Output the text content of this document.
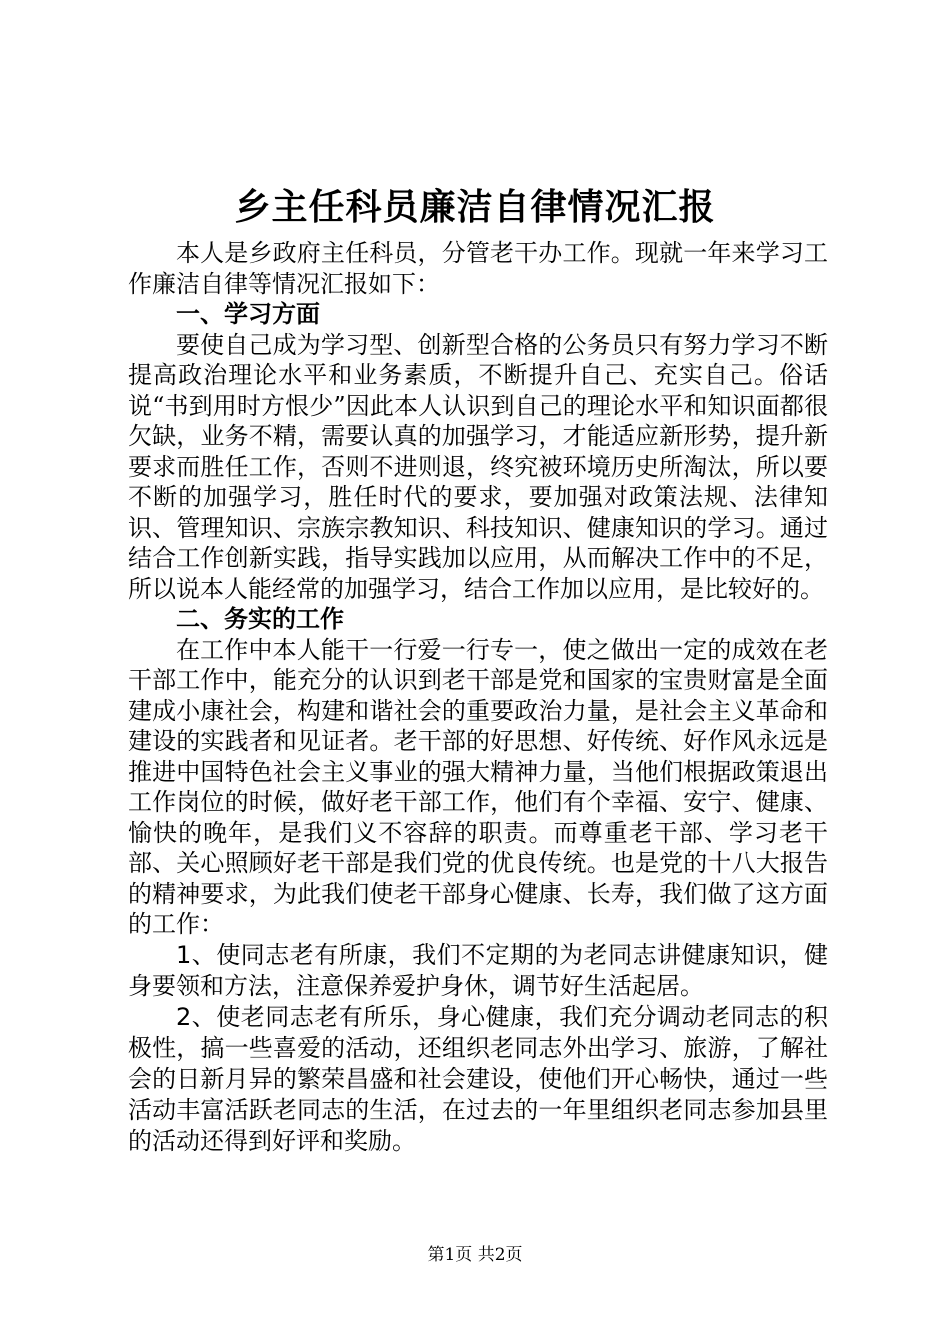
乡主任科员廉洁自律情况汇报

本人是乡政府主任科员，分管老干办工作。现就一年来学习工作廉洁自律等情况汇报如下：

一、学习方面

要使自己成为学习型、创新型合格的公务员只有努力学习不断提高政治理论水平和业务素质，不断提升自己、充实自己。俗话说“书到用时方恨少”因此本人认识到自己的理论水平和知识面都很欠缺，业务不精，需要认真的加强学习，才能适应新形势，提升新要求而胜任工作，否则不进则退，终究被环境历史所淘汰，所以要不断的加强学习，胜任时代的要求，要加强对政策法规、法律知识、管理知识、宗族宗教知识、科技知识、健康知识的学习。通过结合工作创新实践，指导实践加以应用，从而解决工作中的不足，所以说本人能经常的加强学习，结合工作加以应用，是比较好的。

二、务实的工作

在工作中本人能干一行爱一行专一，使之做出一定的成效在老干部工作中，能充分的认识到老干部是党和国家的宝贵财富是全面建成小康社会，构建和谐社会的重要政治力量，是社会主义革命和建设的实践者和见证者。老干部的好思想、好传统、好作风永远是推进中国特色社会主义事业的强大精神力量，当他们根据政策退出工作岗位的时候，做好老干部工作，他们有个幸福、安宁、健康、愉快的晚年，是我们义不容辞的职责。而尊重老干部、学习老干部、关心照顾好老干部是我们党的优良传统。也是党的十八大报告的精神要求，为此我们使老干部身心健康、长寿，我们做了这方面的工作：

1、使同志老有所康，我们不定期的为老同志讲健康知识，健身要领和方法，注意保养爱护身休，调节好生活起居。

2、使老同志老有所乐，身心健康，我们充分调动老同志的积极性，搞一些喜爱的活动，还组织老同志外出学习、旅游，了解社会的日新月异的繁荣昌盛和社会建设，使他们开心畅快，通过一些活动丰富活跃老同志的生活，在过去的一年里组织老同志参加县里的活动还得到好评和奖励。

第1页 共2页
